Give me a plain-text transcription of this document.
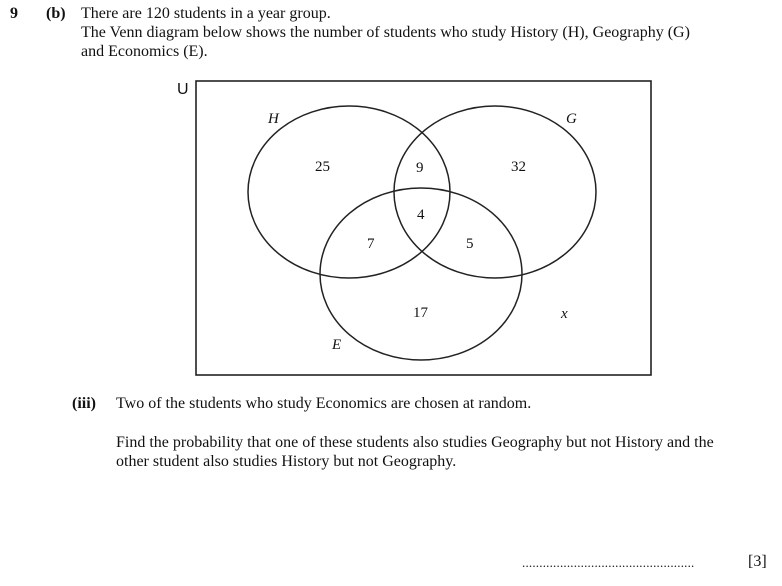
9 (b) There are 120 students in a year group.
The Venn diagram below shows the number of students who study History (H), Geography (G)
and Economics (E).
U
H	G
E
25	9	32
4
7	5
17	x
(iii) Two of the students who study Economics are chosen at random.
Find the probability that one of these students also studies Geography but not History and the
other student also studies History but not Geography.
..................................................	[3]
